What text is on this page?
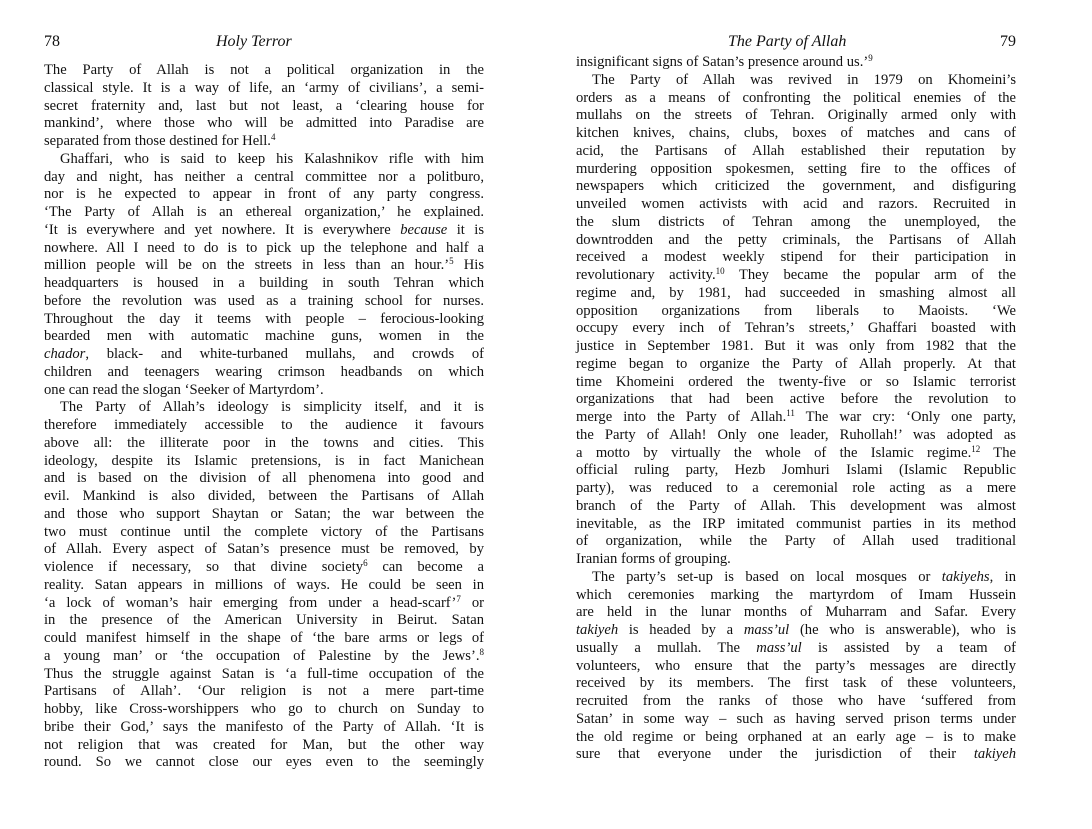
78	Holy Terror
The Party of Allah is not a political organization in the
classical style. It is a way of life, an ‘army of civilians’, a semi-
secret fraternity and, last but not least, a ‘clearing house for
mankind’, where those who will be admitted into Paradise are
separated from those destined for Hell.$^4$
Ghaffari, who is said to keep his Kalashnikov rifle with him
day and night, has neither a central committee nor a politburo,
nor is he expected to appear in front of any party congress.
‘The Party of Allah is an ethereal organization,’ he explained.
‘It is everywhere and yet nowhere. It is everywhere because it is
nowhere. All I need to do is to pick up the telephone and half a
million people will be on the streets in less than an hour.’$^5$ His
headquarters is housed in a building in south Tehran which
before the revolution was used as a training school for nurses.
Throughout the day it teems with people – ferocious-looking
bearded men with automatic machine guns, women in the
chador, black- and white-turbaned mullahs, and crowds of
children and teenagers wearing crimson headbands on which
one can read the slogan ‘Seeker of Martyrdom’.
The Party of Allah’s ideology is simplicity itself, and it is
therefore immediately accessible to the audience it favours
above all: the illiterate poor in the towns and cities. This
ideology, despite its Islamic pretensions, is in fact Manichean
and is based on the division of all phenomena into good and
evil. Mankind is also divided, between the Partisans of Allah
and those who support Shaytan or Satan; the war between the
two must continue until the complete victory of the Partisans
of Allah. Every aspect of Satan’s presence must be removed, by
violence if necessary, so that divine society$^6$ can become a
reality. Satan appears in millions of ways. He could be seen in
‘a lock of woman’s hair emerging from under a head-scarf’$^7$ or
in the presence of the American University in Beirut. Satan
could manifest himself in the shape of ‘the bare arms or legs of
a young man’ or ‘the occupation of Palestine by the Jews’.$^8$
Thus the struggle against Satan is ‘a full-time occupation of the
Partisans of Allah’. ‘Our religion is not a mere part-time
hobby, like Cross-worshippers who go to church on Sunday to
bribe their God,’ says the manifesto of the Party of Allah. ‘It is
not religion that was created for Man, but the other way
round. So we cannot close our eyes even to the seemingly
The Party of Allah	79
insignificant signs of Satan’s presence around us.’$^9$
The Party of Allah was revived in 1979 on Khomeini’s
orders as a means of confronting the political enemies of the
mullahs on the streets of Tehran. Originally armed only with
kitchen knives, chains, clubs, boxes of matches and cans of
acid, the Partisans of Allah established their reputation by
murdering opposition spokesmen, setting fire to the offices of
newspapers which criticized the government, and disfiguring
unveiled women activists with acid and razors. Recruited in
the slum districts of Tehran among the unemployed, the
downtrodden and the petty criminals, the Partisans of Allah
received a modest weekly stipend for their participation in
revolutionary activity.$^{10}$ They became the popular arm of the
regime and, by 1981, had succeeded in smashing almost all
opposition organizations from liberals to Maoists. ‘We
occupy every inch of Tehran’s streets,’ Ghaffari boasted with
justice in September 1981. But it was only from 1982 that the
regime began to organize the Party of Allah properly. At that
time Khomeini ordered the twenty-five or so Islamic terrorist
organizations that had been active before the revolution to
merge into the Party of Allah.$^{11}$ The war cry: ‘Only one party,
the Party of Allah! Only one leader, Ruhollah!’ was adopted as
a motto by virtually the whole of the Islamic regime.$^{12}$ The
official ruling party, Hezb Jomhuri Islami (Islamic Republic
party), was reduced to a ceremonial role acting as a mere
branch of the Party of Allah. This development was almost
inevitable, as the IRP imitated communist parties in its method
of organization, while the Party of Allah used traditional
Iranian forms of grouping.
The party’s set-up is based on local mosques or takiyehs, in
which ceremonies marking the martyrdom of Imam Hussein
are held in the lunar months of Muharram and Safar. Every
takiyeh is headed by a mass’ul (he who is answerable), who is
usually a mullah. The mass’ul is assisted by a team of
volunteers, who ensure that the party’s messages are directly
received by its members. The first task of these volunteers,
recruited from the ranks of those who have ‘suffered from
Satan’ in some way – such as having served prison terms under
the old regime or being orphaned at an early age – is to make
sure that everyone under the jurisdiction of their takiyeh
